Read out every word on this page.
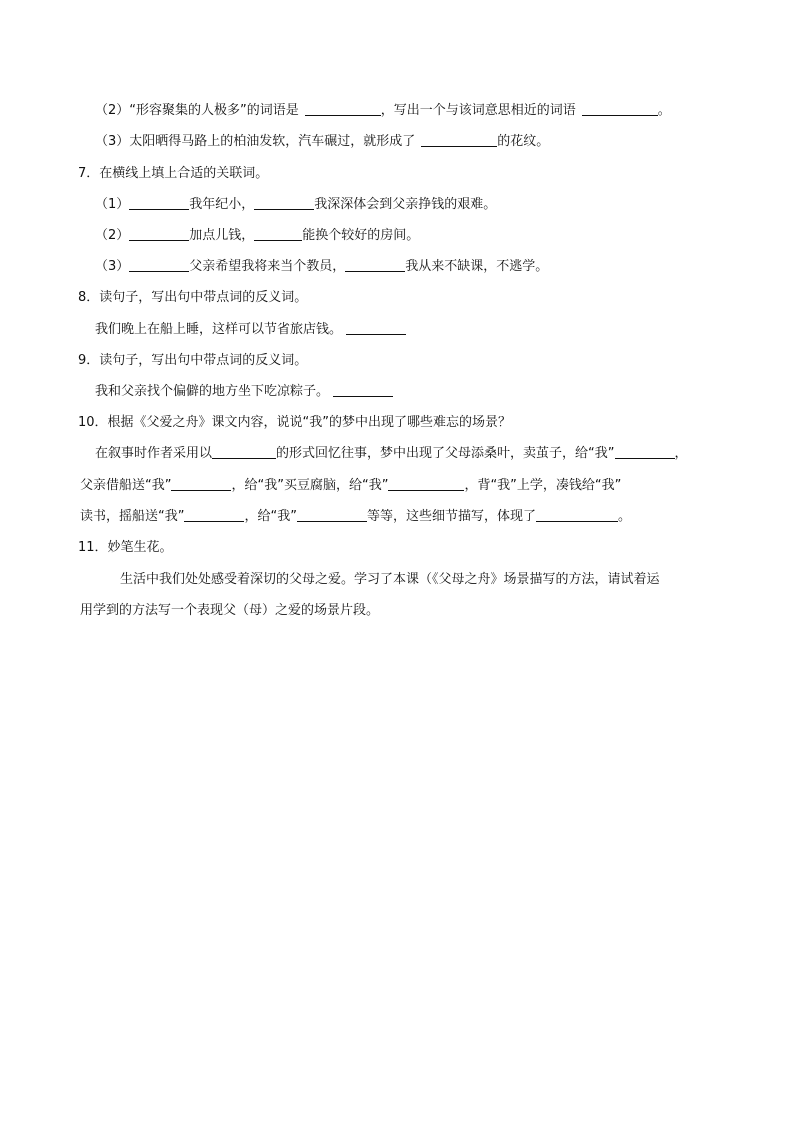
（2）“形容聚集的人极多”的词语是	，写出一个与该词意思相近的词语	。
（3）太阳晒得马路上的柏油发软，汽车碾过，就形成了	的花纹。
7．在横线上填上合适的关联词。
（1）	我年纪小，	我深深体会到父亲挣钱的艰难。
（2）	加点儿钱，	能换个较好的房间。
（3）	父亲希望我将来当个教员，	我从来不缺课，不逃学。
8．读句子，写出句中带点词的反义词。
我们晚上在船上睡，这样可以节省旅店钱。
9．读句子，写出句中带点词的反义词。
我和父亲找个偏僻的地方坐下吃凉粽子。
10．根据《父爱之舟》课文内容，说说“我”的梦中出现了哪些难忘的场景？
在叙事时作者采用以	的形式回忆往事，梦中出现了父母添桑叶，卖茧子，给“我”	，
父亲借船送“我”	，给“我”买豆腐脑，给“我”	，背“我”上学，凑钱给“我”
读书，摇船送“我”	，给“我”	等等，这些细节描写，体现了	。
11．妙笔生花。
生活中我们处处感受着深切的父母之爱。学习了本课（《父母之舟》场景描写的方法，请试着运
用学到的方法写一个表现父（母）之爱的场景片段。
